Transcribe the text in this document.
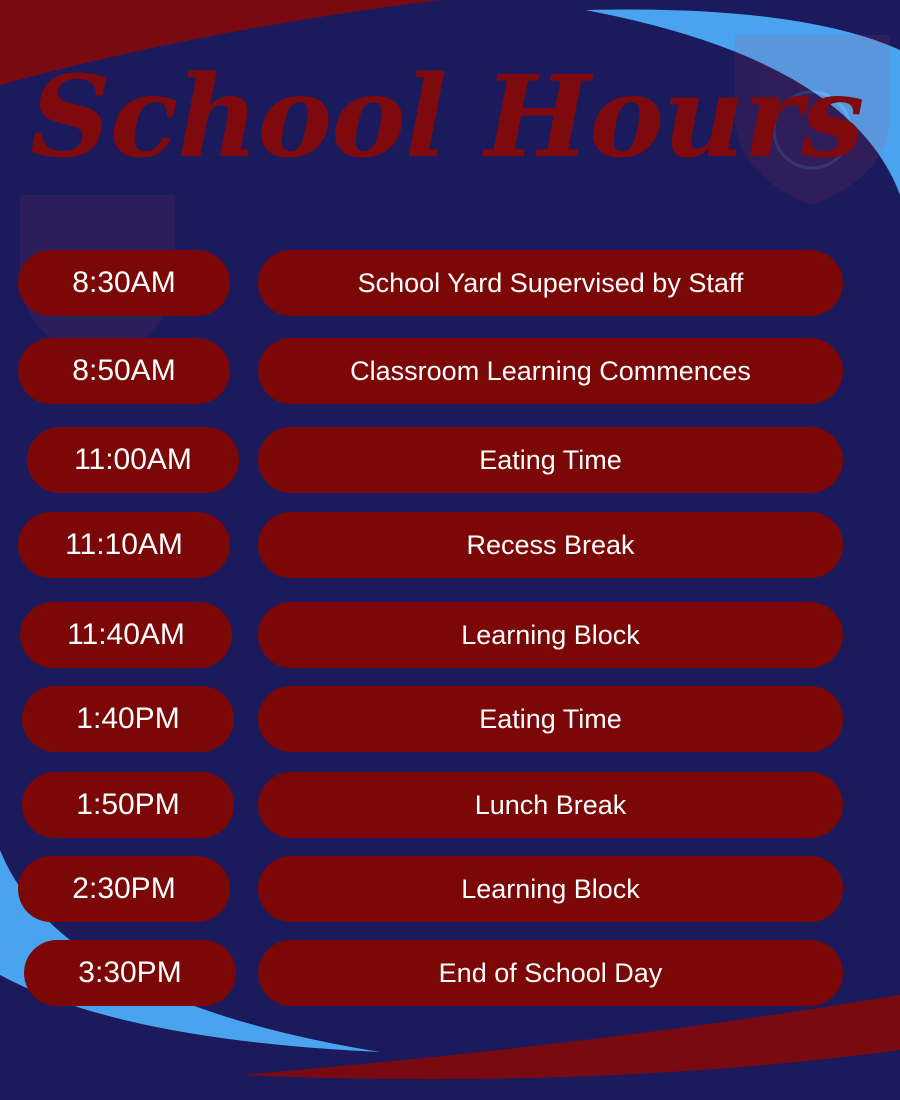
School Hours
8:30AM	School Yard Supervised by Staff
8:50AM	Classroom Learning Commences
11:00AM	Eating Time
11:10AM	Recess Break
11:40AM	Learning Block
1:40PM	Eating Time
1:50PM	Lunch Break
2:30PM	Learning Block
3:30PM	End of School Day
